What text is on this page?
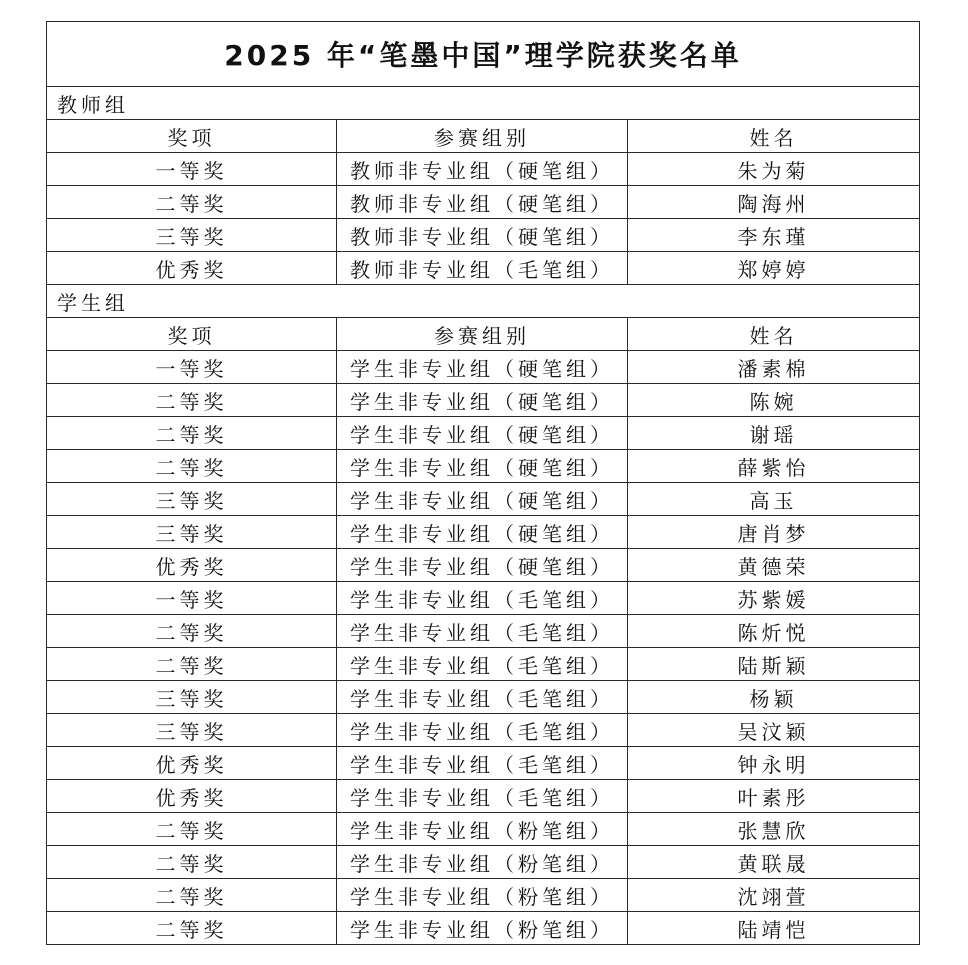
2025 年“笔墨中国”理学院获奖名单		
教师组		
奖项	参赛组别	姓名
一等奖	教师非专业组（硬笔组）	朱为菊
二等奖	教师非专业组（硬笔组）	陶海州
三等奖	教师非专业组（硬笔组）	李东瑾
优秀奖	教师非专业组（毛笔组）	郑婷婷
学生组		
奖项	参赛组别	姓名
一等奖	学生非专业组（硬笔组）	潘素棉
二等奖	学生非专业组（硬笔组）	陈婉
二等奖	学生非专业组（硬笔组）	谢瑶
二等奖	学生非专业组（硬笔组）	薛紫怡
三等奖	学生非专业组（硬笔组）	高玉
三等奖	学生非专业组（硬笔组）	唐肖梦
优秀奖	学生非专业组（硬笔组）	黄德荣
一等奖	学生非专业组（毛笔组）	苏紫媛
二等奖	学生非专业组（毛笔组）	陈炘悦
二等奖	学生非专业组（毛笔组）	陆斯颖
三等奖	学生非专业组（毛笔组）	杨颖
三等奖	学生非专业组（毛笔组）	吴汶颖
优秀奖	学生非专业组（毛笔组）	钟永明
优秀奖	学生非专业组（毛笔组）	叶素彤
二等奖	学生非专业组（粉笔组）	张慧欣
二等奖	学生非专业组（粉笔组）	黄联晟
二等奖	学生非专业组（粉笔组）	沈翊萱
二等奖	学生非专业组（粉笔组）	陆靖恺
